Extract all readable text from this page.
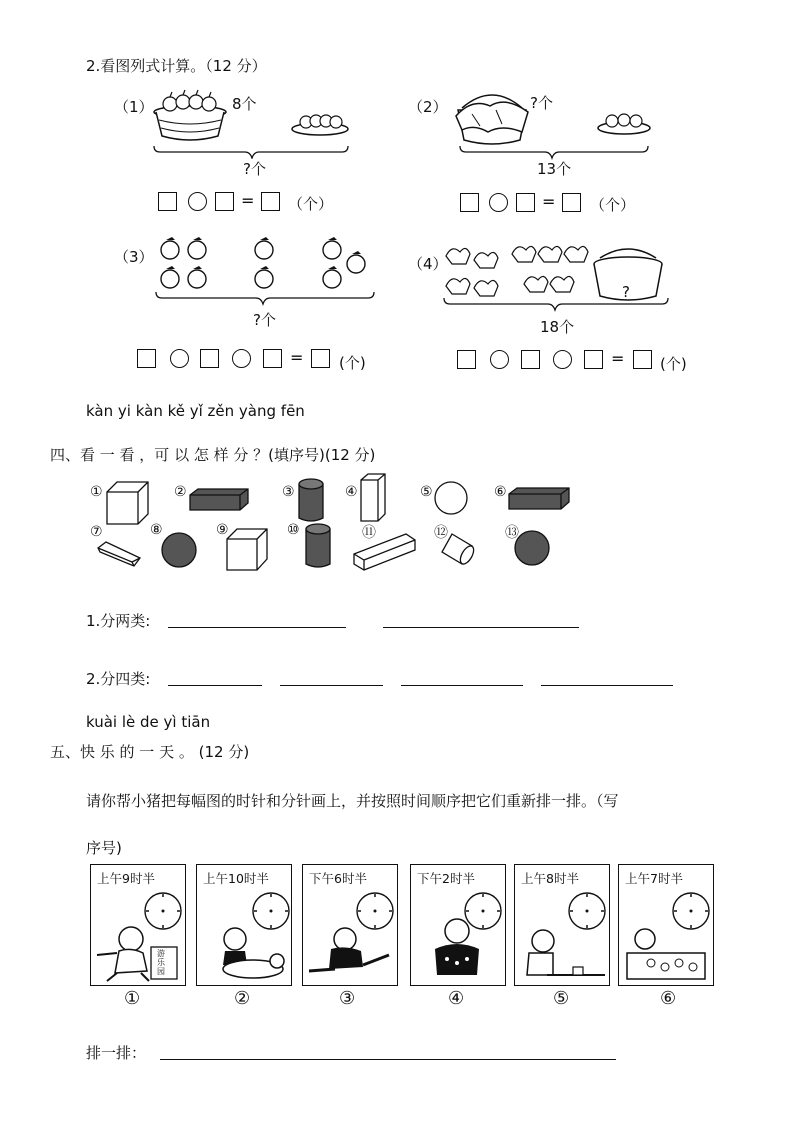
2.看图列式计算。（12 分）
（1）	8个
?个
= （个）
（2）	?个
13个
= （个）
（3）
?个
= (个)
（4）
?
18个
= (个)
kàn yi kàn kě yǐ zěn yàng fēn
四、看 一 看 ，可 以 怎 样 分 ？(填序号)(12 分)
①	②	③	④	⑤	⑥
⑦	⑧	⑨	⑩	⑪	⑫	⑬
1.分两类:
2.分四类:
kuài lè de yì tiān
五、快 乐 的 一 天 。 (12 分)
请你帮小猪把每幅图的时针和分针画上，并按照时间顺序把它们重新排一排。（写
序号)
上午9时半
游乐园
上午10时半	下午6时半	下午2时半	上午8时半	上午7时半
①	②	③	④	⑤	⑥
排一排：
